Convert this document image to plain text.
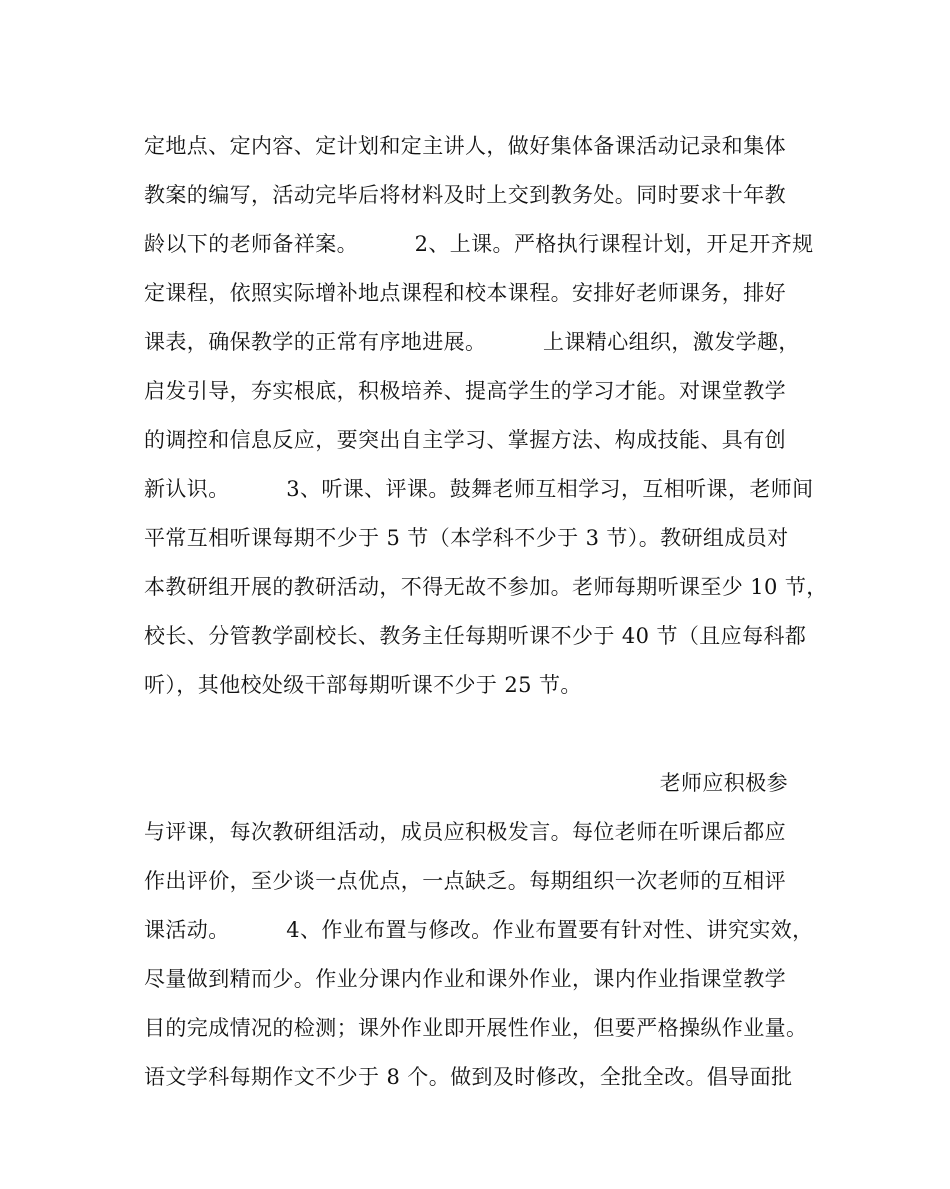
定地点、定内容、定计划和定主讲人，做好集体备课活动记录和集体
教案的编写，活动完毕后将材料及时上交到教务处。同时要求十年教
龄以下的老师备祥案。        2、上课。严格执行课程计划，开足开齐规
定课程，依照实际增补地点课程和校本课程。安排好老师课务，排好
课表，确保教学的正常有序地进展。        上课精心组织，激发学趣，
启发引导，夯实根底，积极培养、提高学生的学习才能。对课堂教学
的调控和信息反应，要突出自主学习、掌握方法、构成技能、具有创
新认识。        3、听课、评课。鼓舞老师互相学习，互相听课，老师间
平常互相听课每期不少于 5 节（本学科不少于 3 节）。教研组成员对
本教研组开展的教研活动，不得无故不参加。老师每期听课至少 10 节，
校长、分管教学副校长、教务主任每期听课不少于 40 节（且应每科都
听），其他校处级干部每期听课不少于 25 节。
老师应积极参
与评课，每次教研组活动，成员应积极发言。每位老师在听课后都应
作出评价，至少谈一点优点，一点缺乏。每期组织一次老师的互相评
课活动。        4、作业布置与修改。作业布置要有针对性、讲究实效，
尽量做到精而少。作业分课内作业和课外作业，课内作业指课堂教学
目的完成情况的检测；课外作业即开展性作业，但要严格操纵作业量。
语文学科每期作文不少于 8 个。做到及时修改，全批全改。倡导面批
